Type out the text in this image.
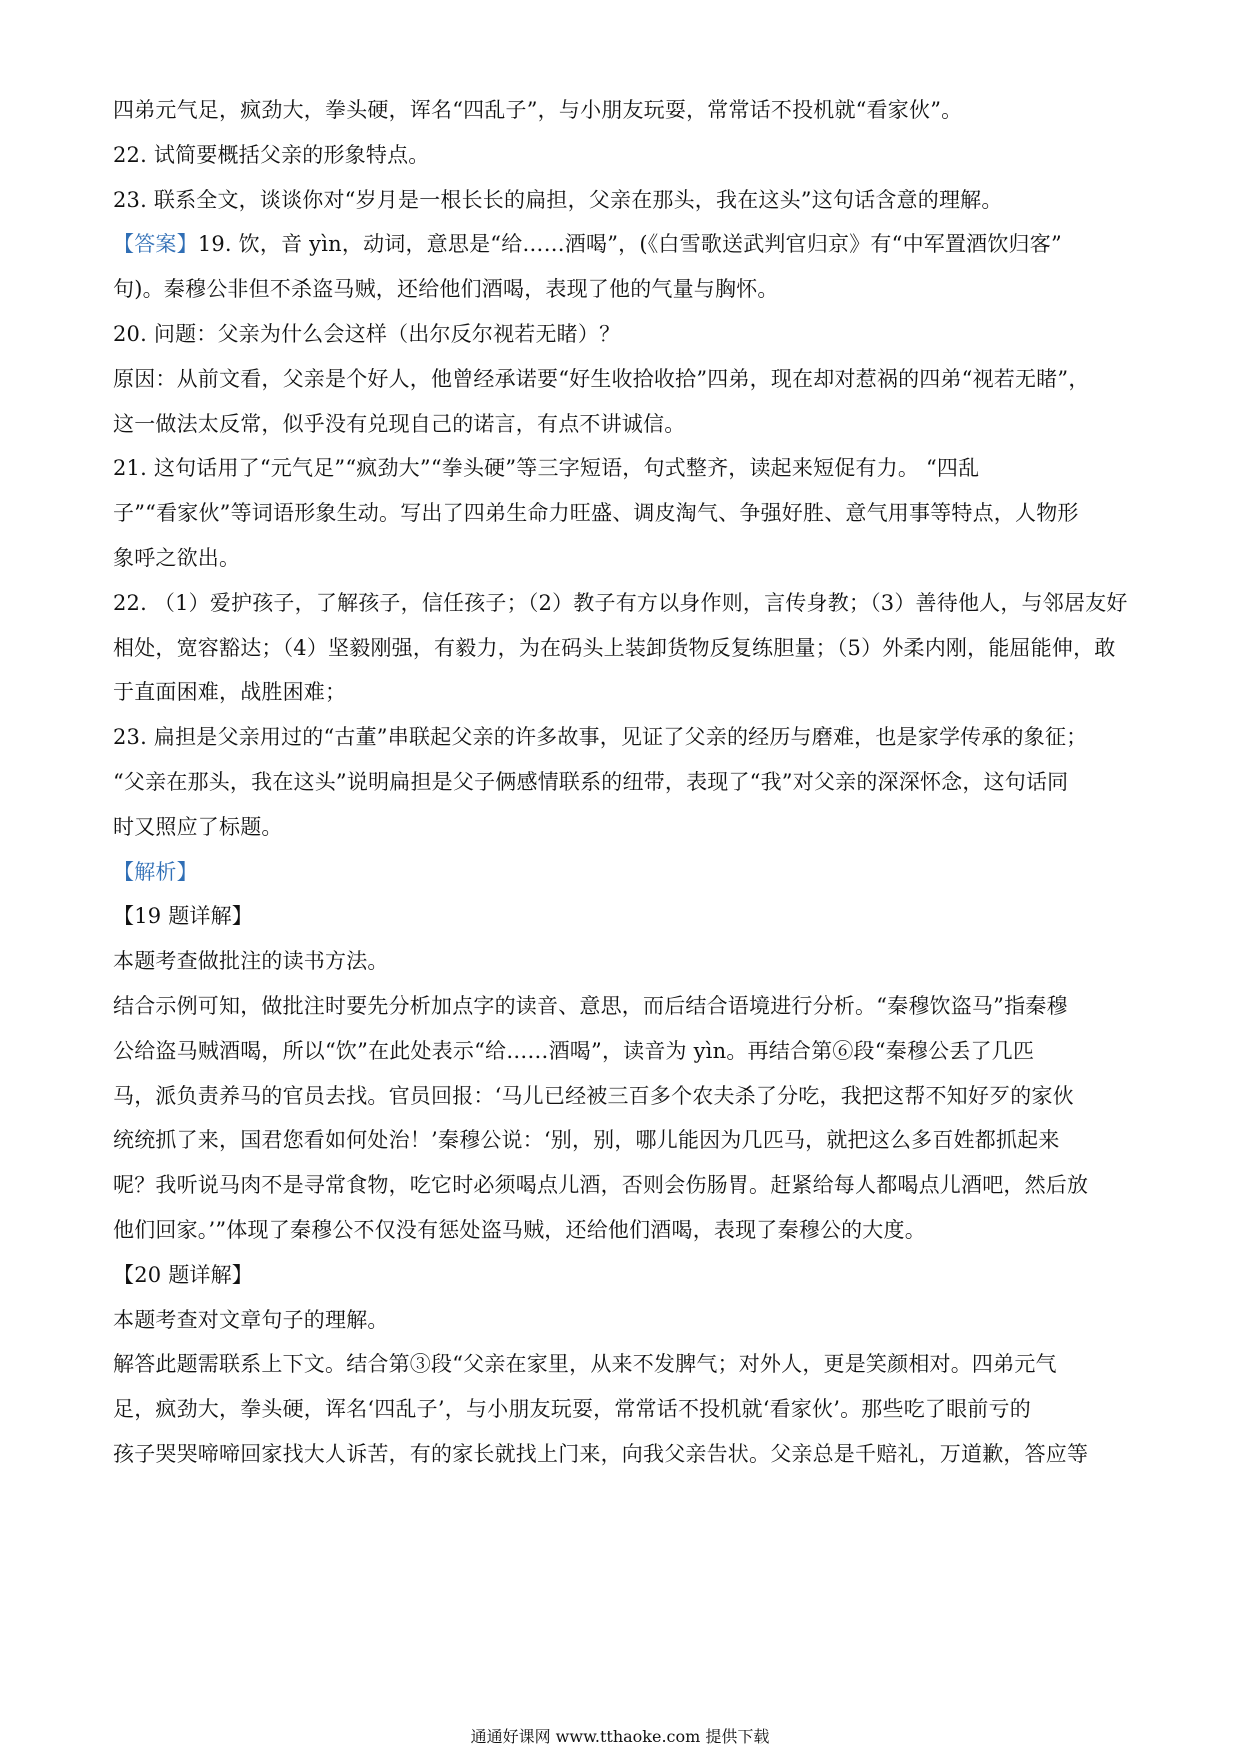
四弟元气足，疯劲大，拳头硬，诨名“四乱子”，与小朋友玩耍，常常话不投机就“看家伙”。
22. 试简要概括父亲的形象特点。
23. 联系全文，谈谈你对“岁月是一根长长的扁担，父亲在那头，我在这头”这句话含意的理解。
【答案】19. 饮，音 yìn，动词，意思是“给……酒喝”，(《白雪歌送武判官归京》有“中军置酒饮归客”
句)。秦穆公非但不杀盗马贼，还给他们酒喝，表现了他的气量与胸怀。
20. 问题：父亲为什么会这样（出尔反尔视若无睹）？
原因：从前文看，父亲是个好人，他曾经承诺要“好生收拾收拾”四弟，现在却对惹祸的四弟“视若无睹”，
这一做法太反常，似乎没有兑现自己的诺言，有点不讲诚信。
21. 这句话用了“元气足”“疯劲大”“拳头硬”等三字短语，句式整齐，读起来短促有力。 “四乱
子”“看家伙”等词语形象生动。写出了四弟生命力旺盛、调皮淘气、争强好胜、意气用事等特点，人物形
象呼之欲出。
22. （1）爱护孩子，了解孩子，信任孩子；（2）教子有方以身作则，言传身教；（3）善待他人，与邻居友好
相处，宽容豁达；（4）坚毅刚强，有毅力，为在码头上装卸货物反复练胆量；（5）外柔内刚，能屈能伸，敢
于直面困难，战胜困难；
23. 扁担是父亲用过的“古董”串联起父亲的许多故事，见证了父亲的经历与磨难，也是家学传承的象征；
“父亲在那头，我在这头”说明扁担是父子俩感情联系的纽带，表现了“我”对父亲的深深怀念，这句话同
时又照应了标题。
【解析】
【19 题详解】
本题考查做批注的读书方法。
结合示例可知，做批注时要先分析加点字的读音、意思，而后结合语境进行分析。“秦穆饮盗马”指秦穆
公给盗马贼酒喝，所以“饮”在此处表示“给……酒喝”，读音为 yìn。再结合第⑥段“秦穆公丢了几匹
马，派负责养马的官员去找。官员回报：‘马儿已经被三百多个农夫杀了分吃，我把这帮不知好歹的家伙
统统抓了来，国君您看如何处治！’秦穆公说：‘别，别，哪儿能因为几匹马，就把这么多百姓都抓起来
呢？我听说马肉不是寻常食物，吃它时必须喝点儿酒，否则会伤肠胃。赶紧给每人都喝点儿酒吧，然后放
他们回家。’”体现了秦穆公不仅没有惩处盗马贼，还给他们酒喝，表现了秦穆公的大度。
【20 题详解】
本题考查对文章句子的理解。
解答此题需联系上下文。结合第③段“父亲在家里，从来不发脾气；对外人，更是笑颜相对。四弟元气
足，疯劲大，拳头硬，诨名‘四乱子’，与小朋友玩耍，常常话不投机就‘看家伙’。那些吃了眼前亏的
孩子哭哭啼啼回家找大人诉苦，有的家长就找上门来，向我父亲告状。父亲总是千赔礼，万道歉，答应等
通通好课网 www.tthaoke.com 提供下载
